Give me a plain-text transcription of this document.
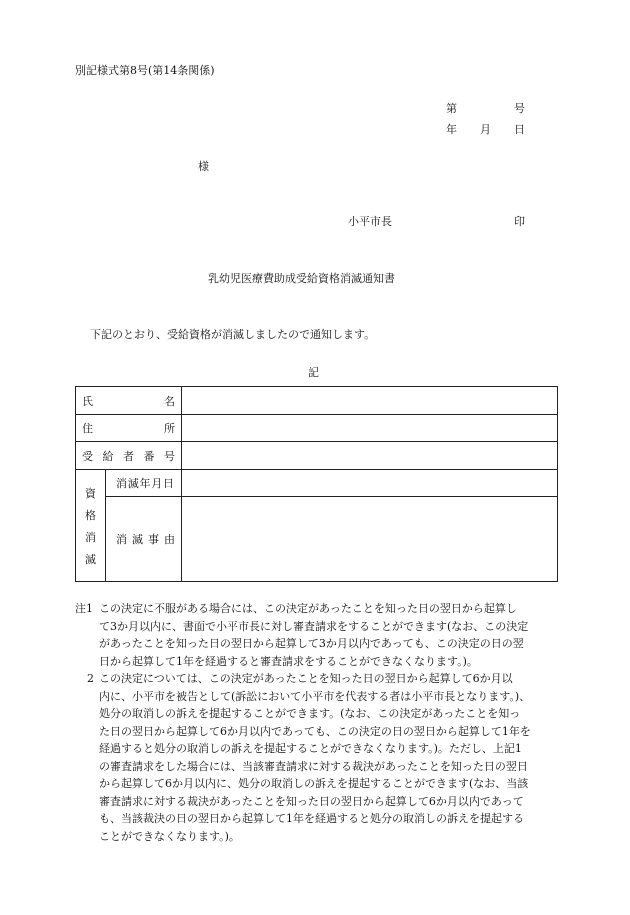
別記様式第8号(第14条関係)
第	号
年 月 日
様
小平市長	印
乳幼児医療費助成受給資格消滅通知書
下記のとおり、受給資格が消滅しましたので通知します。
記
氏 名		

住 所		

受 給 者 番 号		

資
格
消
滅	消 滅 年 月 日	

	消 滅 事 由	

注1 この決定に不服がある場合には、この決定があったことを知った日の翌日から起算し
て3か月以内に、書面で小平市長に対し審査請求をすることができます(なお、この決定
があったことを知った日の翌日から起算して3か月以内であっても、この決定の日の翌
日から起算して1年を経過すると審査請求をすることができなくなります。)。
2 この決定については、この決定があったことを知った日の翌日から起算して6か月以
内に、小平市を被告として(訴訟において小平市を代表する者は小平市長となります。)、
処分の取消しの訴えを提起することができます。(なお、この決定があったことを知っ
た日の翌日から起算して6か月以内であっても、この決定の日の翌日から起算して1年を
経過すると処分の取消しの訴えを提起することができなくなります。)。ただし、上記1
の審査請求をした場合には、当該審査請求に対する裁決があったことを知った日の翌日
から起算して6か月以内に、処分の取消しの訴えを提起することができます(なお、当該
審査請求に対する裁決があったことを知った日の翌日から起算して6か月以内であって
も、当該裁決の日の翌日から起算して1年を経過すると処分の取消しの訴えを提起する
ことができなくなります。)。
